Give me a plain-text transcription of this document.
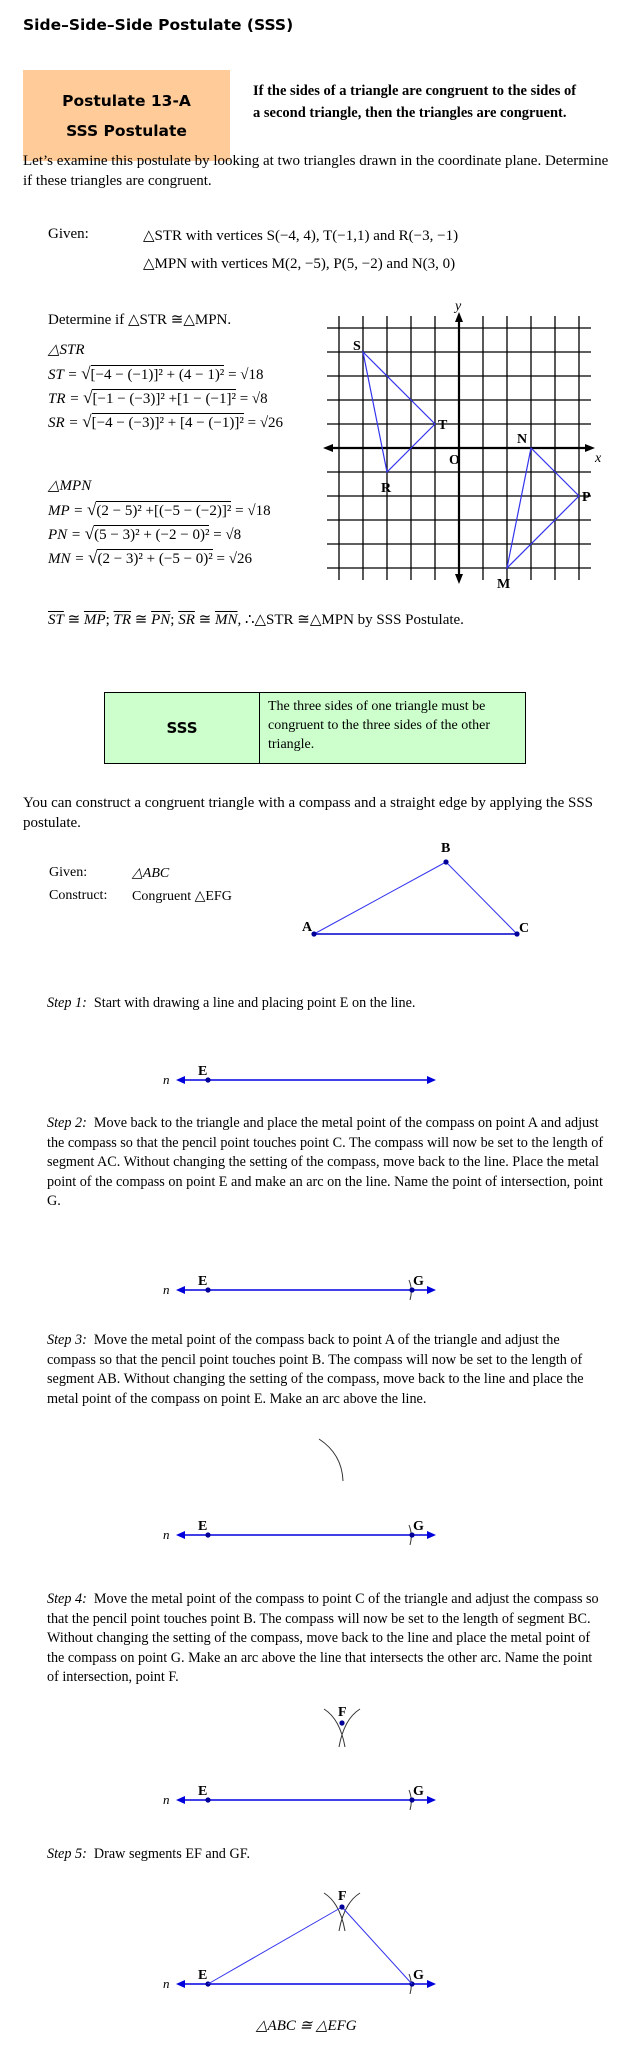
Side–Side–Side Postulate (SSS)
Postulate 13-A
SSS Postulate
If the sides of a triangle are congruent to the sides of a second triangle, then the triangles are congruent.
Let’s examine this postulate by looking at two triangles drawn in the coordinate plane. Determine if these triangles are congruent.
Given:	△STR with vertices S(−4, 4), T(−1,1) and R(−3, −1)
△MPN with vertices M(2, −5), P(5, −2) and N(3, 0)
Determine if △STR ≅△MPN.
△STR
ST = √[−4 − (−1)]² + (4 − 1)² = √18
TR = √[−1 − (−3)]² +[1 − (−1]² = √8
SR = √[−4 − (−3)]² + [4 − (−1)]² = √26
△MPN
MP = √(2 − 5)² +[(−5 − (−2)]² = √18
PN = √(5 − 3)² + (−2 − 0)² = √8
MN = √(2 − 3)² + (−5 − 0)² = √26
$\overline{ST}$ ≅ $\overline{MP}$; $\overline{TR}$ ≅ $\overline{PN}$; $\overline{SR}$ ≅ $\overline{MN}$, ∴△STR ≅△MPN by SSS Postulate.
x
y
O
S
T
R
M
P
N
SSS
The three sides of one triangle must be congruent to the three sides of the other triangle.
You can construct a congruent triangle with a compass and a straight edge by applying the SSS postulate.
Given:	△ABC
Construct: Congruent △EFG
A
B
C
Step 1: Start with drawing a line and placing point E on the line.
n
E
Step 2: Move back to the triangle and place the metal point of the compass on point A and adjust the compass so that the pencil point touches point C. The compass will now be set to the length of segment AC. Without changing the setting of the compass, move back to the line. Place the metal point of the compass on point E and make an arc on the line. Name the point of intersection, point G.
n
E	G
Step 3: Move the metal point of the compass back to point A of the triangle and adjust the compass so that the pencil point touches point B. The compass will now be set to the length of segment AB. Without changing the setting of the compass, move back to the line and place the metal point of the compass on point E. Make an arc above the line.
n
E	G
Step 4: Move the metal point of the compass to point C of the triangle and adjust the compass so that the pencil point touches point B. The compass will now be set to the length of segment BC. Without changing the setting of the compass, move back to the line and place the metal point of the compass on point G. Make an arc above the line that intersects the other arc. Name the point of intersection, point F.
n
E	G
F
Step 5: Draw segments EF and GF.
n
E	G
F
△ABC ≅ △EFG
